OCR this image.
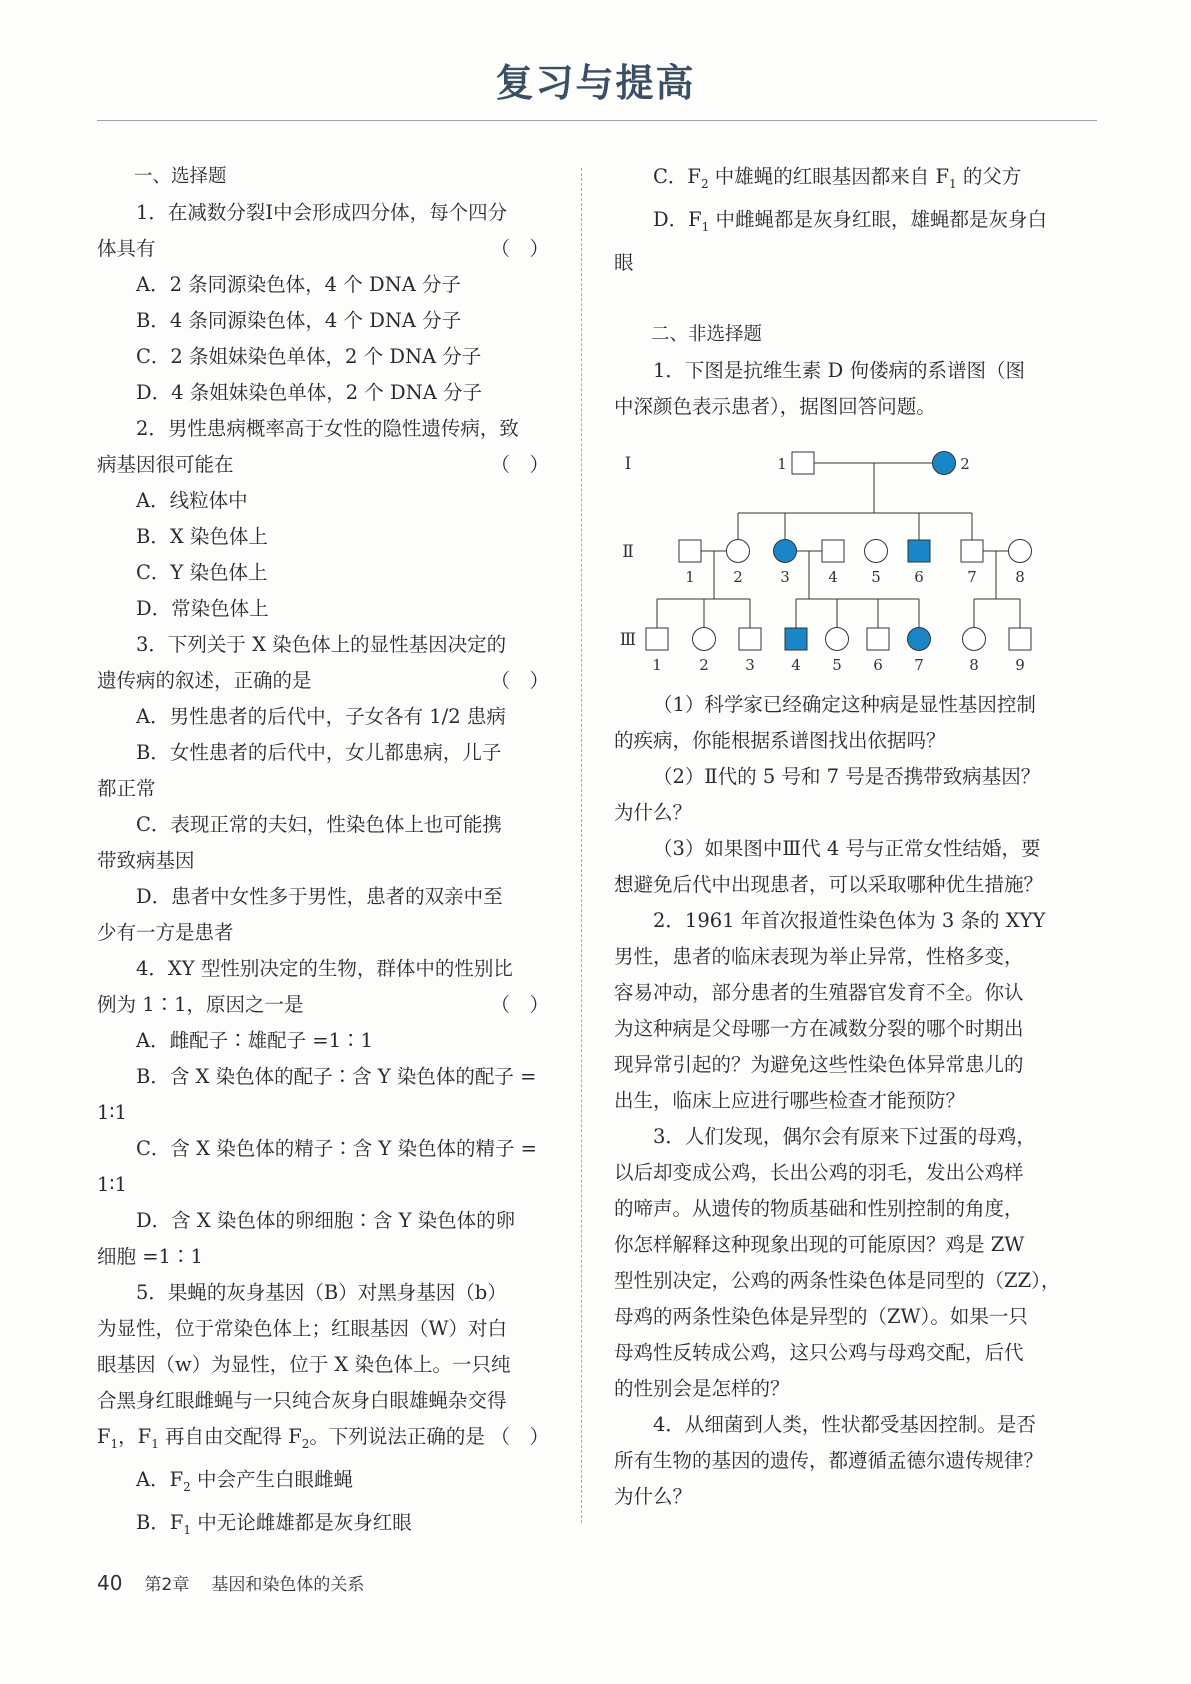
复习与提高

一、选择题

1．在减数分裂Ⅰ中会形成四分体，每个四分

体具有	（　）

A．2 条同源染色体，4 个 DNA 分子

B．4 条同源染色体，4 个 DNA 分子

C．2 条姐妹染色单体，2 个 DNA 分子

D．4 条姐妹染色单体，2 个 DNA 分子

2．男性患病概率高于女性的隐性遗传病，致

病基因很可能在	（　）

A．线粒体中

B．X 染色体上

C．Y 染色体上

D．常染色体上

3．下列关于 X 染色体上的显性基因决定的

遗传病的叙述，正确的是	（　）

A．男性患者的后代中，子女各有 1/2 患病

B．女性患者的后代中，女儿都患病，儿子

都正常

C．表现正常的夫妇，性染色体上也可能携

带致病基因

D．患者中女性多于男性，患者的双亲中至

少有一方是患者

4．XY 型性别决定的生物，群体中的性别比

例为 1∶1，原因之一是	（　）

A．雌配子∶雄配子 =1∶1

B．含 X 染色体的配子∶含 Y 染色体的配子 =

1∶1

C．含 X 染色体的精子∶含 Y 染色体的精子 =

1∶1

D．含 X 染色体的卵细胞∶含 Y 染色体的卵

细胞 =1∶1

5．果蝇的灰身基因（B）对黑身基因（b）

为显性，位于常染色体上；红眼基因（W）对白

眼基因（w）为显性，位于 X 染色体上。一只纯

合黑身红眼雌蝇与一只纯合灰身白眼雄蝇杂交得

$F_1$，$F_1$ 再自由交配得 $F_2$。下列说法正确的是 （　）

A．$F_2$ 中会产生白眼雌蝇

B．$F_1$ 中无论雌雄都是灰身红眼

C．$F_2$ 中雄蝇的红眼基因都来自 $F_1$ 的父方

D．$F_1$ 中雌蝇都是灰身红眼，雄蝇都是灰身白眼

二、非选择题

1．下图是抗维生素 D 佝偻病的系谱图（图

中深颜色表示患者），据图回答问题。

1	2
1	2 3	4 5 6	7	8
1 2 3 4 5 6 7	8 9
Ⅰ
Ⅱ
Ⅲ

（1）科学家已经确定这种病是显性基因控制

的疾病，你能根据系谱图找出依据吗？

（2）Ⅱ代的 5 号和 7 号是否携带致病基因？

为什么？

（3）如果图中Ⅲ代 4 号与正常女性结婚，要

想避免后代中出现患者，可以采取哪种优生措施？

2．1961 年首次报道性染色体为 3 条的 XYY

男性，患者的临床表现为举止异常，性格多变，

容易冲动，部分患者的生殖器官发育不全。你认

为这种病是父母哪一方在减数分裂的哪个时期出

现异常引起的？为避免这些性染色体异常患儿的

出生，临床上应进行哪些检查才能预防？

3．人们发现，偶尔会有原来下过蛋的母鸡，

以后却变成公鸡，长出公鸡的羽毛，发出公鸡样

的啼声。从遗传的物质基础和性别控制的角度，

你怎样解释这种现象出现的可能原因？鸡是 ZW

型性别决定，公鸡的两条性染色体是同型的（ZZ），

母鸡的两条性染色体是异型的（ZW）。如果一只

母鸡性反转成公鸡，这只公鸡与母鸡交配，后代

的性别会是怎样的？

4．从细菌到人类，性状都受基因控制。是否

所有生物的基因的遗传，都遵循孟德尔遗传规律？

为什么？

40 第2章 基因和染色体的关系
